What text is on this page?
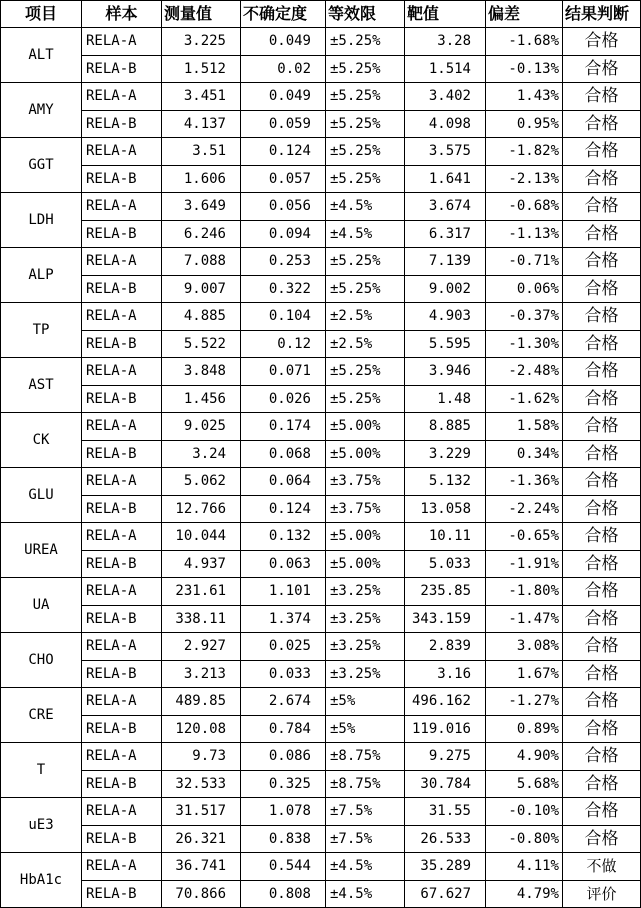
项目	样本	测量值	不确定度	等效限	靶值	偏差	结果判断
ALT	RELA-A	3.225	0.049	±5.25%	3.28	-1.68%	合格
	RELA-B	1.512	0.02	±5.25%	1.514	-0.13%	合格
AMY	RELA-A	3.451	0.049	±5.25%	3.402	1.43%	合格
	RELA-B	4.137	0.059	±5.25%	4.098	0.95%	合格
GGT	RELA-A	3.51	0.124	±5.25%	3.575	-1.82%	合格
	RELA-B	1.606	0.057	±5.25%	1.641	-2.13%	合格
LDH	RELA-A	3.649	0.056	±4.5%	3.674	-0.68%	合格
	RELA-B	6.246	0.094	±4.5%	6.317	-1.13%	合格
ALP	RELA-A	7.088	0.253	±5.25%	7.139	-0.71%	合格
	RELA-B	9.007	0.322	±5.25%	9.002	0.06%	合格
TP	RELA-A	4.885	0.104	±2.5%	4.903	-0.37%	合格
	RELA-B	5.522	0.12	±2.5%	5.595	-1.30%	合格
AST	RELA-A	3.848	0.071	±5.25%	3.946	-2.48%	合格
	RELA-B	1.456	0.026	±5.25%	1.48	-1.62%	合格
CK	RELA-A	9.025	0.174	±5.00%	8.885	1.58%	合格
	RELA-B	3.24	0.068	±5.00%	3.229	0.34%	合格
GLU	RELA-A	5.062	0.064	±3.75%	5.132	-1.36%	合格
	RELA-B	12.766	0.124	±3.75%	13.058	-2.24%	合格
UREA	RELA-A	10.044	0.132	±5.00%	10.11	-0.65%	合格
	RELA-B	4.937	0.063	±5.00%	5.033	-1.91%	合格
UA	RELA-A	231.61	1.101	±3.25%	235.85	-1.80%	合格
	RELA-B	338.11	1.374	±3.25%	343.159	-1.47%	合格
CHO	RELA-A	2.927	0.025	±3.25%	2.839	3.08%	合格
	RELA-B	3.213	0.033	±3.25%	3.16	1.67%	合格
CRE	RELA-A	489.85	2.674	±5%	496.162	-1.27%	合格
	RELA-B	120.08	0.784	±5%	119.016	0.89%	合格
T	RELA-A	9.73	0.086	±8.75%	9.275	4.90%	合格
	RELA-B	32.533	0.325	±8.75%	30.784	5.68%	合格
uE3	RELA-A	31.517	1.078	±7.5%	31.55	-0.10%	合格
	RELA-B	26.321	0.838	±7.5%	26.533	-0.80%	合格
HbA1c	RELA-A	36.741	0.544	±4.5%	35.289	4.11%	不做
	RELA-B	70.866	0.808	±4.5%	67.627	4.79%	评价
